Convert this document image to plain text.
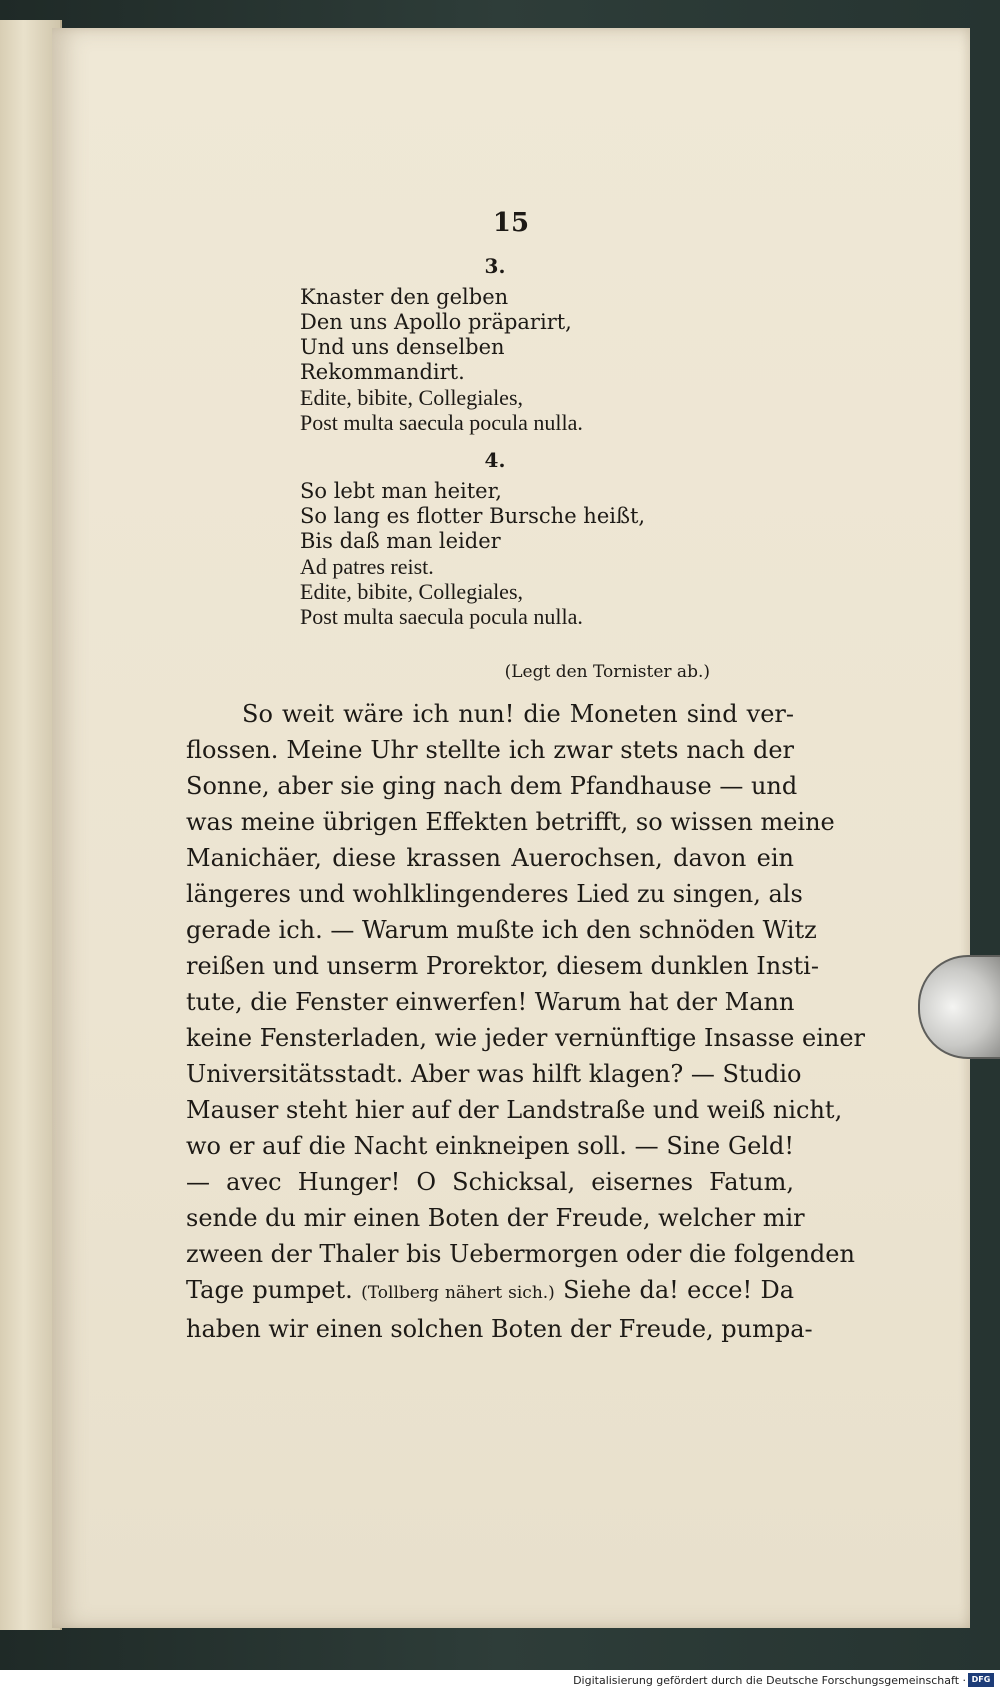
15
3.
Knaster den gelben
Den uns Apollo präparirt,
Und uns denselben
Rekommandirt.
Edite, bibite, Collegiales,
Post multa saecula pocula nulla.
4.
So lebt man heiter,
So lang es flotter Bursche heißt,
Bis daß man leider
Ad patres reist.
Edite, bibite, Collegiales,
Post multa saecula pocula nulla.
(Legt den Tornister ab.)
So weit wäre ich nun! die Moneten sind ver-
flossen. Meine Uhr stellte ich zwar stets nach der
Sonne, aber sie ging nach dem Pfandhause — und
was meine übrigen Effekten betrifft, so wissen meine
Manichäer, diese krassen Auerochsen, davon ein
längeres und wohlklingenderes Lied zu singen, als
gerade ich. — Warum mußte ich den schnöden Witz
reißen und unserm Prorektor, diesem dunklen Insti-
tute, die Fenster einwerfen! Warum hat der Mann
keine Fensterladen, wie jeder vernünftige Insasse einer
Universitätsstadt. Aber was hilft klagen? — Studio
Mauser steht hier auf der Landstraße und weiß nicht,
wo er auf die Nacht einkneipen soll. — Sine Geld!
— avec Hunger! O Schicksal, eisernes Fatum,
sende du mir einen Boten der Freude, welcher mir
zween der Thaler bis Uebermorgen oder die folgenden
Tage pumpet. (Tollberg nähert sich.) Siehe da! ecce! Da
haben wir einen solchen Boten der Freude, pumpa-
Digitalisierung gefördert durch die Deutsche Forschungsgemeinschaft · DFG
